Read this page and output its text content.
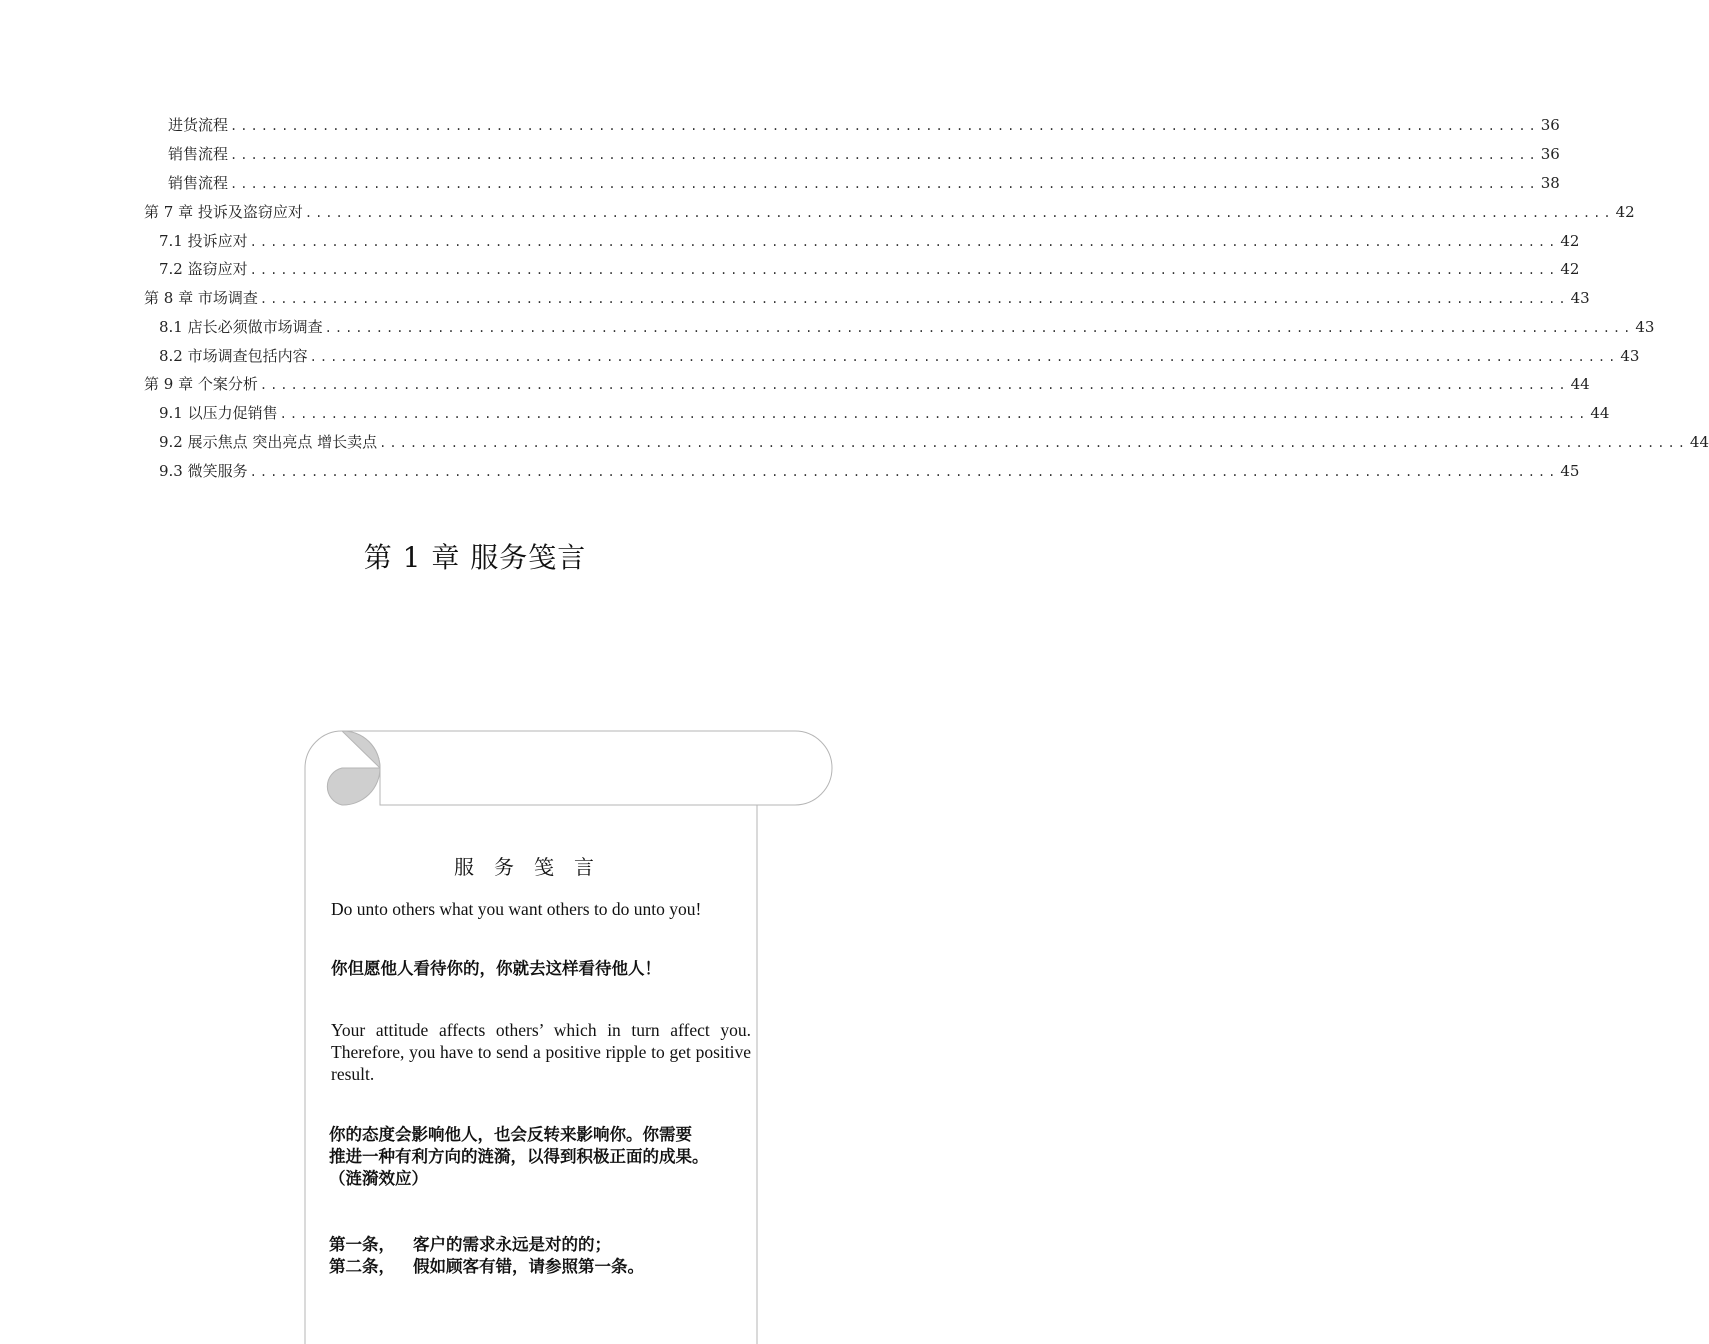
进货流程 ................................................................................................................................ 36
销售流程 ................................................................................................................................ 36
销售流程 ................................................................................................................................ 38
第 7 章 投诉及盗窃应对 ................................................................................................................................ 42
7.1 投诉应对 ................................................................................................................................ 42
7.2 盗窃应对 ................................................................................................................................ 42
第 8 章 市场调查 ................................................................................................................................ 43
8.1 店长必须做市场调查 ................................................................................................................................ 43
8.2 市场调查包括内容 ................................................................................................................................ 43
第 9 章 个案分析 ................................................................................................................................ 44
9.1 以压力促销售 ................................................................................................................................ 44
9.2 展示焦点 突出亮点 增长卖点 ................................................................................................................................ 44
9.3 微笑服务 ................................................................................................................................ 45
第 1 章 服务笺言
服务笺言
Do unto others what you want others to do unto you!
你但愿他人看待你的，你就去这样看待他人！
Your attitude affects others’ which in turn affect you. Therefore, you have to send a positive ripple to get positive result.
你的态度会影响他人，也会反转来影响你。你需要
推进一种有利方向的涟漪，以得到积极正面的成果。
（涟漪效应）
第一条， 客户的需求永远是对的的；
第二条， 假如顾客有错，请参照第一条。
